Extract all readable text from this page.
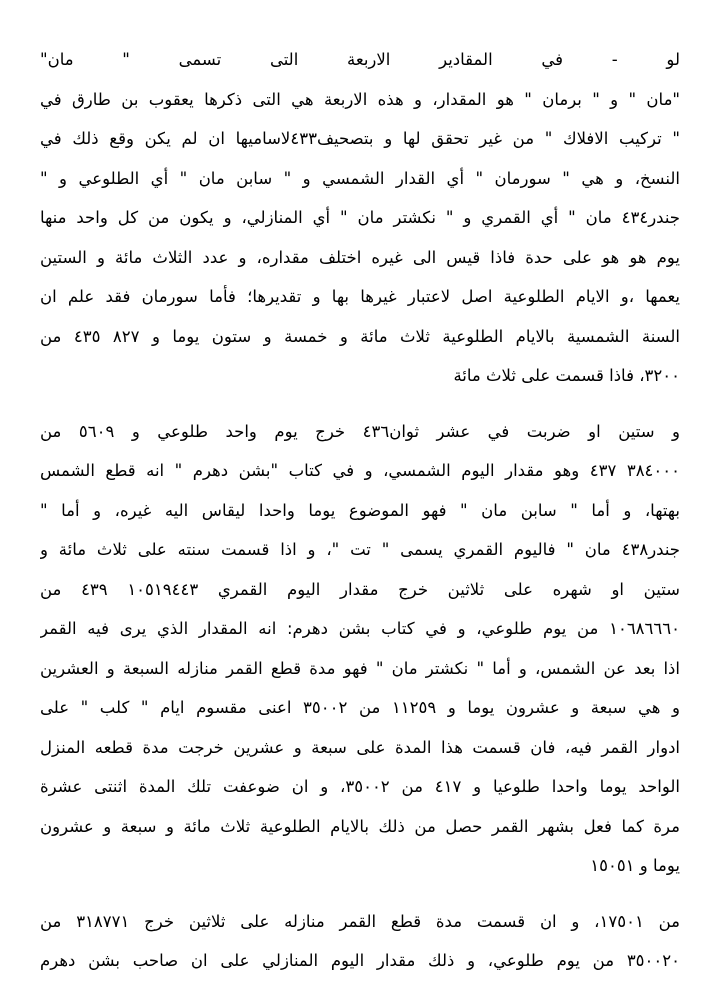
لو - في المقادير الاربعة التى تسمى " مان"
"مان " و " برمان " هو المقدار، و هذه الاربعة هي التى ذكرها يعقوب بن طارق في
" تركيب الافلاك " من غير تحقق لها و بتصحيف٤٣٣لاساميها ان لم يكن وقع ذلك في
النسخ، و هي " سورمان " أي القدار الشمسي و " سابن مان " أي الطلوعي و "
جندر٤٣٤ مان " أي القمري و " نكشتر مان " أي المنازلي، و يكون من كل واحد منها
يوم هو هو على حدة فاذا قيس الى غيره اختلف مقداره، و عدد الثلاث مائة و الستين
يعمها ،و الايام الطلوعية اصل لاعتبار غيرها بها و تقديرها؛ فأما سورمان فقد علم ان
السنة الشمسية بالايام الطلوعية ثلاث مائة و خمسة و ستون يوما و ٨٢٧ ٤٣٥ من
٣٢٠٠، فاذا قسمت على ثلاث مائة
و ستين او ضربت في عشر ثوان٤٣٦ خرج يوم واحد طلوعي و ٥٦٠٩ من
٣٨٤٠٠٠ ٤٣٧ وهو مقدار اليوم الشمسي، و في كتاب "بشن دهرم " انه قطع الشمس
بهتها، و أما " سابن مان " فهو الموضوع يوما واحدا ليقاس اليه غيره، و أما "
جندر٤٣٨ مان " فاليوم القمري يسمى " تت "، و اذا قسمت سنته على ثلاث مائة و
ستين او شهره على ثلاثين خرج مقدار اليوم القمري ١٠٥١٩٤٤٣ ٤٣٩ من
١٠٦٨٦٦٦٠ من يوم طلوعي، و في كتاب بشن دهرم: انه المقدار الذي يرى فيه القمر
اذا بعد عن الشمس، و أما " نكشتر مان " فهو مدة قطع القمر منازله السبعة و العشرين
و هي سبعة و عشرون يوما و ١١٢٥٩ من ٣٥٠٠٢ اعنى مقسوم ايام " كلب " على
ادوار القمر فيه، فان قسمت هذا المدة على سبعة و عشرين خرجت مدة قطعه المنزل
الواحد يوما واحدا طلوعيا و ٤١٧ من ٣٥٠٠٢، و ان ضوعفت تلك المدة اثنتى عشرة
مرة كما فعل بشهر القمر حصل من ذلك بالايام الطلوعية ثلاث مائة و سبعة و عشرون
يوما و ١٥٠٥١
من ١٧٥٠١، و ان قسمت مدة قطع القمر منازله على ثلاثين خرج ٣١٨٧٧١ من
٣٥٠٠٢٠ من يوم طلوعي، و ذلك مقدار اليوم المنازلي على ان صاحب بشن دهرم
